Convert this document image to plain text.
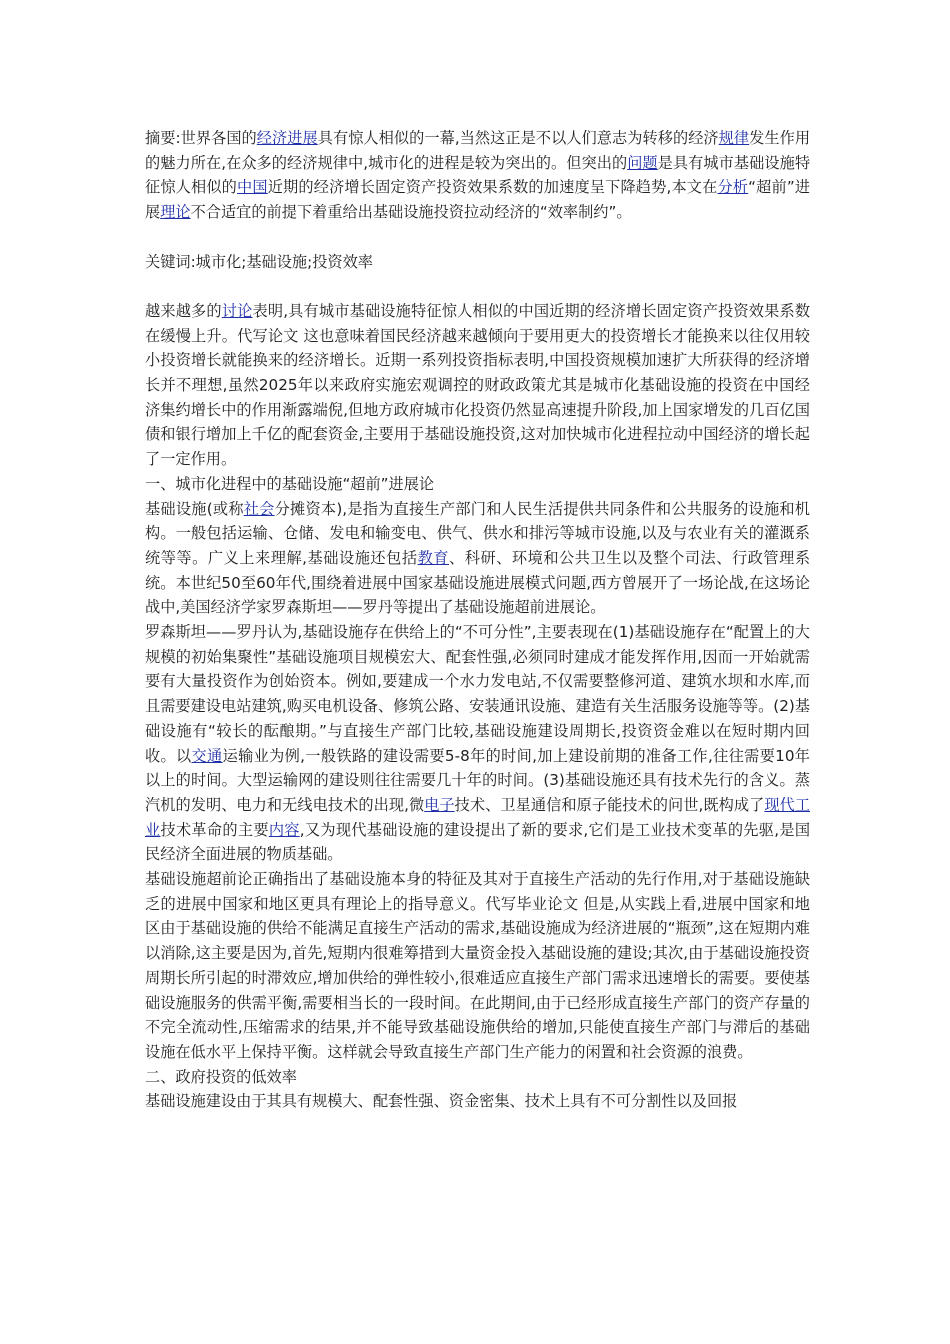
摘要:世界各国的经济进展具有惊人相似的一幕,当然这正是不以人们意志为转移的经济规律发生作用的魅力所在,在众多的经济规律中,城市化的进程是较为突出的。但突出的问题是具有城市基础设施特征惊人相似的中国近期的经济增长固定资产投资效果系数的加速度呈下降趋势,本文在分析“超前”进展理论不合适宜的前提下着重给出基础设施投资拉动经济的“效率制约”。

关键词:城市化;基础设施;投资效率

越来越多的讨论表明,具有城市基础设施特征惊人相似的中国近期的经济增长固定资产投资效果系数在缓慢上升。代写论文 这也意味着国民经济越来越倾向于要用更大的投资增长才能换来以往仅用较小投资增长就能换来的经济增长。近期一系列投资指标表明,中国投资规模加速扩大所获得的经济增长并不理想,虽然2025年以来政府实施宏观调控的财政政策尤其是城市化基础设施的投资在中国经济集约增长中的作用渐露端倪,但地方政府城市化投资仍然显高速提升阶段,加上国家增发的几百亿国债和银行增加上千亿的配套资金,主要用于基础设施投资,这对加快城市化进程拉动中国经济的增长起了一定作用。

一、城市化进程中的基础设施“超前”进展论

基础设施(或称社会分摊资本),是指为直接生产部门和人民生活提供共同条件和公共服务的设施和机构。一般包括运输、仓储、发电和输变电、供气、供水和排污等城市设施,以及与农业有关的灌溉系统等等。广义上来理解,基础设施还包括教育、科研、环境和公共卫生以及整个司法、行政管理系统。本世纪50至60年代,围绕着进展中国家基础设施进展模式问题,西方曾展开了一场论战,在这场论战中,美国经济学家罗森斯坦——罗丹等提出了基础设施超前进展论。

罗森斯坦——罗丹认为,基础设施存在供给上的“不可分性”,主要表现在(1)基础设施存在“配置上的大规模的初始集聚性”基础设施项目规模宏大、配套性强,必须同时建成才能发挥作用,因而一开始就需要有大量投资作为创始资本。例如,要建成一个水力发电站,不仅需要整修河道、建筑水坝和水库,而且需要建设电站建筑,购买电机设备、修筑公路、安装通讯设施、建造有关生活服务设施等等。(2)基础设施有“较长的酝酿期。”与直接生产部门比较,基础设施建设周期长,投资资金难以在短时期内回收。以交通运输业为例,一般铁路的建设需要5-8年的时间,加上建设前期的准备工作,往往需要10年以上的时间。大型运输网的建设则往往需要几十年的时间。(3)基础设施还具有技术先行的含义。蒸汽机的发明、电力和无线电技术的出现,微电子技术、卫星通信和原子能技术的问世,既构成了现代工业技术革命的主要内容,又为现代基础设施的建设提出了新的要求,它们是工业技术变革的先驱,是国民经济全面进展的物质基础。

基础设施超前论正确指出了基础设施本身的特征及其对于直接生产活动的先行作用,对于基础设施缺乏的进展中国家和地区更具有理论上的指导意义。代写毕业论文 但是,从实践上看,进展中国家和地区由于基础设施的供给不能满足直接生产活动的需求,基础设施成为经济进展的“瓶颈”,这在短期内难以消除,这主要是因为,首先,短期内很难筹措到大量资金投入基础设施的建设;其次,由于基础设施投资周期长所引起的时滞效应,增加供给的弹性较小,很难适应直接生产部门需求迅速增长的需要。要使基础设施服务的供需平衡,需要相当长的一段时间。在此期间,由于已经形成直接生产部门的资产存量的不完全流动性,压缩需求的结果,并不能导致基础设施供给的增加,只能使直接生产部门与滞后的基础设施在低水平上保持平衡。这样就会导致直接生产部门生产能力的闲置和社会资源的浪费。

二、政府投资的低效率

基础设施建设由于其具有规模大、配套性强、资金密集、技术上具有不可分割性以及回报
